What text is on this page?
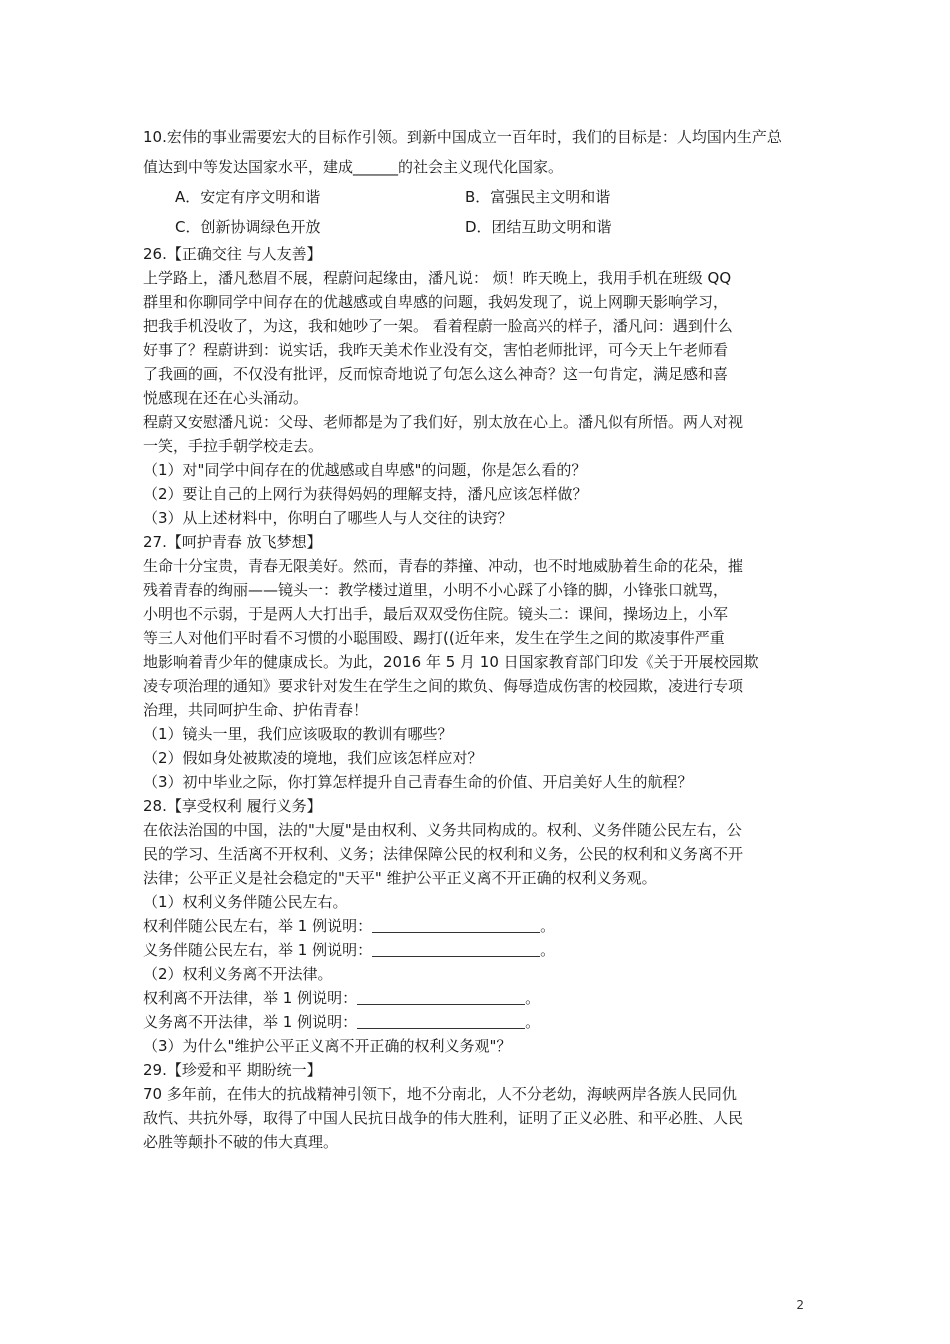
10.宏伟的事业需要宏大的目标作引领。到新中国成立一百年时，我们的目标是：人均国内生产总
值达到中等发达国家水平，建成______的社会主义现代化国家。
A．安定有序文明和谐	B．富强民主文明和谐
C．创新协调绿色开放	D．团结互助文明和谐
26.【正确交往 与人友善】
上学路上，潘凡愁眉不展，程蔚问起缘由，潘凡说： 烦！昨天晚上，我用手机在班级 QQ
群里和你聊同学中间存在的优越感或自卑感的问题，我妈发现了，说上网聊天影响学习，
把我手机没收了，为这，我和她吵了一架。 看着程蔚一脸高兴的样子，潘凡问：遇到什么
好事了？程蔚讲到：说实话，我昨天美术作业没有交，害怕老师批评，可今天上午老师看
了我画的画，不仅没有批评，反而惊奇地说了句怎么这么神奇？这一句肯定，满足感和喜
悦感现在还在心头涌动。
程蔚又安慰潘凡说：父母、老师都是为了我们好，别太放在心上。潘凡似有所悟。两人对视
一笑，手拉手朝学校走去。
（1）对"同学中间存在的优越感或自卑感"的问题，你是怎么看的？
（2）要让自己的上网行为获得妈妈的理解支持，潘凡应该怎样做？
（3）从上述材料中，你明白了哪些人与人交往的诀窍？
27.【呵护青春 放飞梦想】
生命十分宝贵，青春无限美好。然而，青春的莽撞、冲动，也不时地威胁着生命的花朵，摧
残着青春的绚丽——镜头一：教学楼过道里，小明不小心踩了小锋的脚，小锋张口就骂，
小明也不示弱，于是两人大打出手，最后双双受伤住院。镜头二：课间，操场边上，小军
等三人对他们平时看不习惯的小聪围殴、踢打((近年来，发生在学生之间的欺凌事件严重
地影响着青少年的健康成长。为此，2016 年 5 月 10 日国家教育部门印发《关于开展校园欺
凌专项治理的通知》要求针对发生在学生之间的欺负、侮辱造成伤害的校园欺，凌进行专项
治理，共同呵护生命、护佑青春！
（1）镜头一里，我们应该吸取的教训有哪些？
（2）假如身处被欺凌的境地，我们应该怎样应对？
（3）初中毕业之际，你打算怎样提升自己青春生命的价值、开启美好人生的航程？
28.【享受权利 履行义务】
在依法治国的中国，法的"大厦"是由权利、义务共同构成的。权利、义务伴随公民左右，公
民的学习、生活离不开权利、义务；法律保障公民的权利和义务，公民的权利和义务离不开
法律；公平正义是社会稳定的"天平" 维护公平正义离不开正确的权利义务观。
（1）权利义务伴随公民左右。
权利伴随公民左右，举 1 例说明：	。
义务伴随公民左右，举 1 例说明：	。
（2）权利义务离不开法律。
权利离不开法律，举 1 例说明：	。
义务离不开法律，举 1 例说明：	。
（3）为什么"维护公平正义离不开正确的权利义务观"？
29.【珍爱和平 期盼统一】
70 多年前，在伟大的抗战精神引领下，地不分南北，人不分老幼，海峡两岸各族人民同仇
敌忾、共抗外辱，取得了中国人民抗日战争的伟大胜利，证明了正义必胜、和平必胜、人民
必胜等颠扑不破的伟大真理。
2
